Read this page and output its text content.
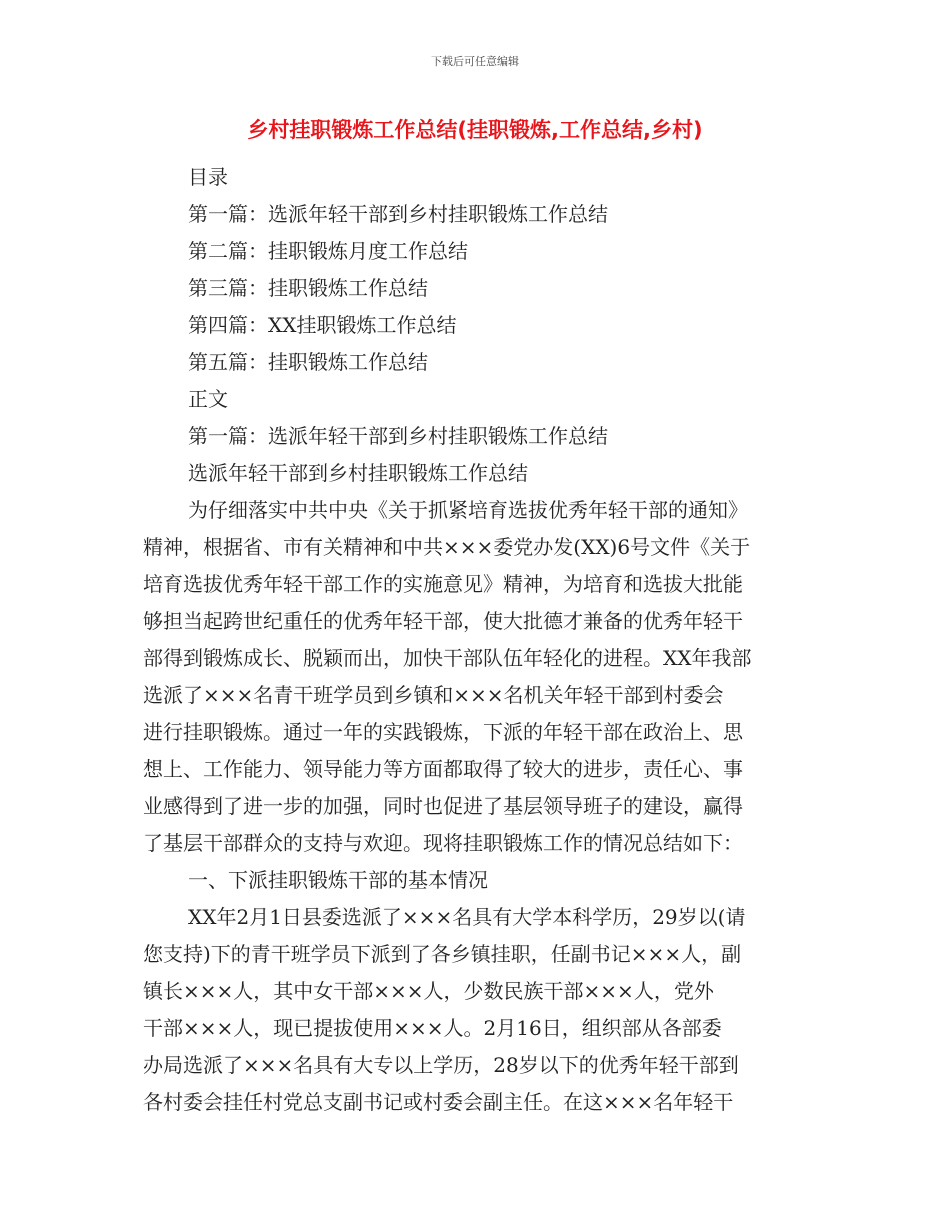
下载后可任意编辑
乡村挂职锻炼工作总结(挂职锻炼,工作总结,乡村)
目录
第一篇：选派年轻干部到乡村挂职锻炼工作总结
第二篇：挂职锻炼月度工作总结
第三篇：挂职锻炼工作总结
第四篇：XX挂职锻炼工作总结
第五篇：挂职锻炼工作总结
正文
第一篇：选派年轻干部到乡村挂职锻炼工作总结
选派年轻干部到乡村挂职锻炼工作总结
为仔细落实中共中央《关于抓紧培育选拔优秀年轻干部的通知》
精神，根据省、市有关精神和中共×××委党办发(XX)6号文件《关于
培育选拔优秀年轻干部工作的实施意见》精神，为培育和选拔大批能
够担当起跨世纪重任的优秀年轻干部，使大批德才兼备的优秀年轻干
部得到锻炼成长、脱颖而出，加快干部队伍年轻化的进程。XX年我部
选派了×××名青干班学员到乡镇和×××名机关年轻干部到村委会
进行挂职锻炼。通过一年的实践锻炼，下派的年轻干部在政治上、思
想上、工作能力、领导能力等方面都取得了较大的进步，责任心、事
业感得到了进一步的加强，同时也促进了基层领导班子的建设，赢得
了基层干部群众的支持与欢迎。现将挂职锻炼工作的情况总结如下：
一、下派挂职锻炼干部的基本情况
XX年2月1日县委选派了×××名具有大学本科学历，29岁以(请
您支持)下的青干班学员下派到了各乡镇挂职，任副书记×××人，副
镇长×××人，其中女干部×××人，少数民族干部×××人，党外
干部×××人，现已提拔使用×××人。2月16日，组织部从各部委
办局选派了×××名具有大专以上学历，28岁以下的优秀年轻干部到
各村委会挂任村党总支副书记或村委会副主任。在这×××名年轻干
